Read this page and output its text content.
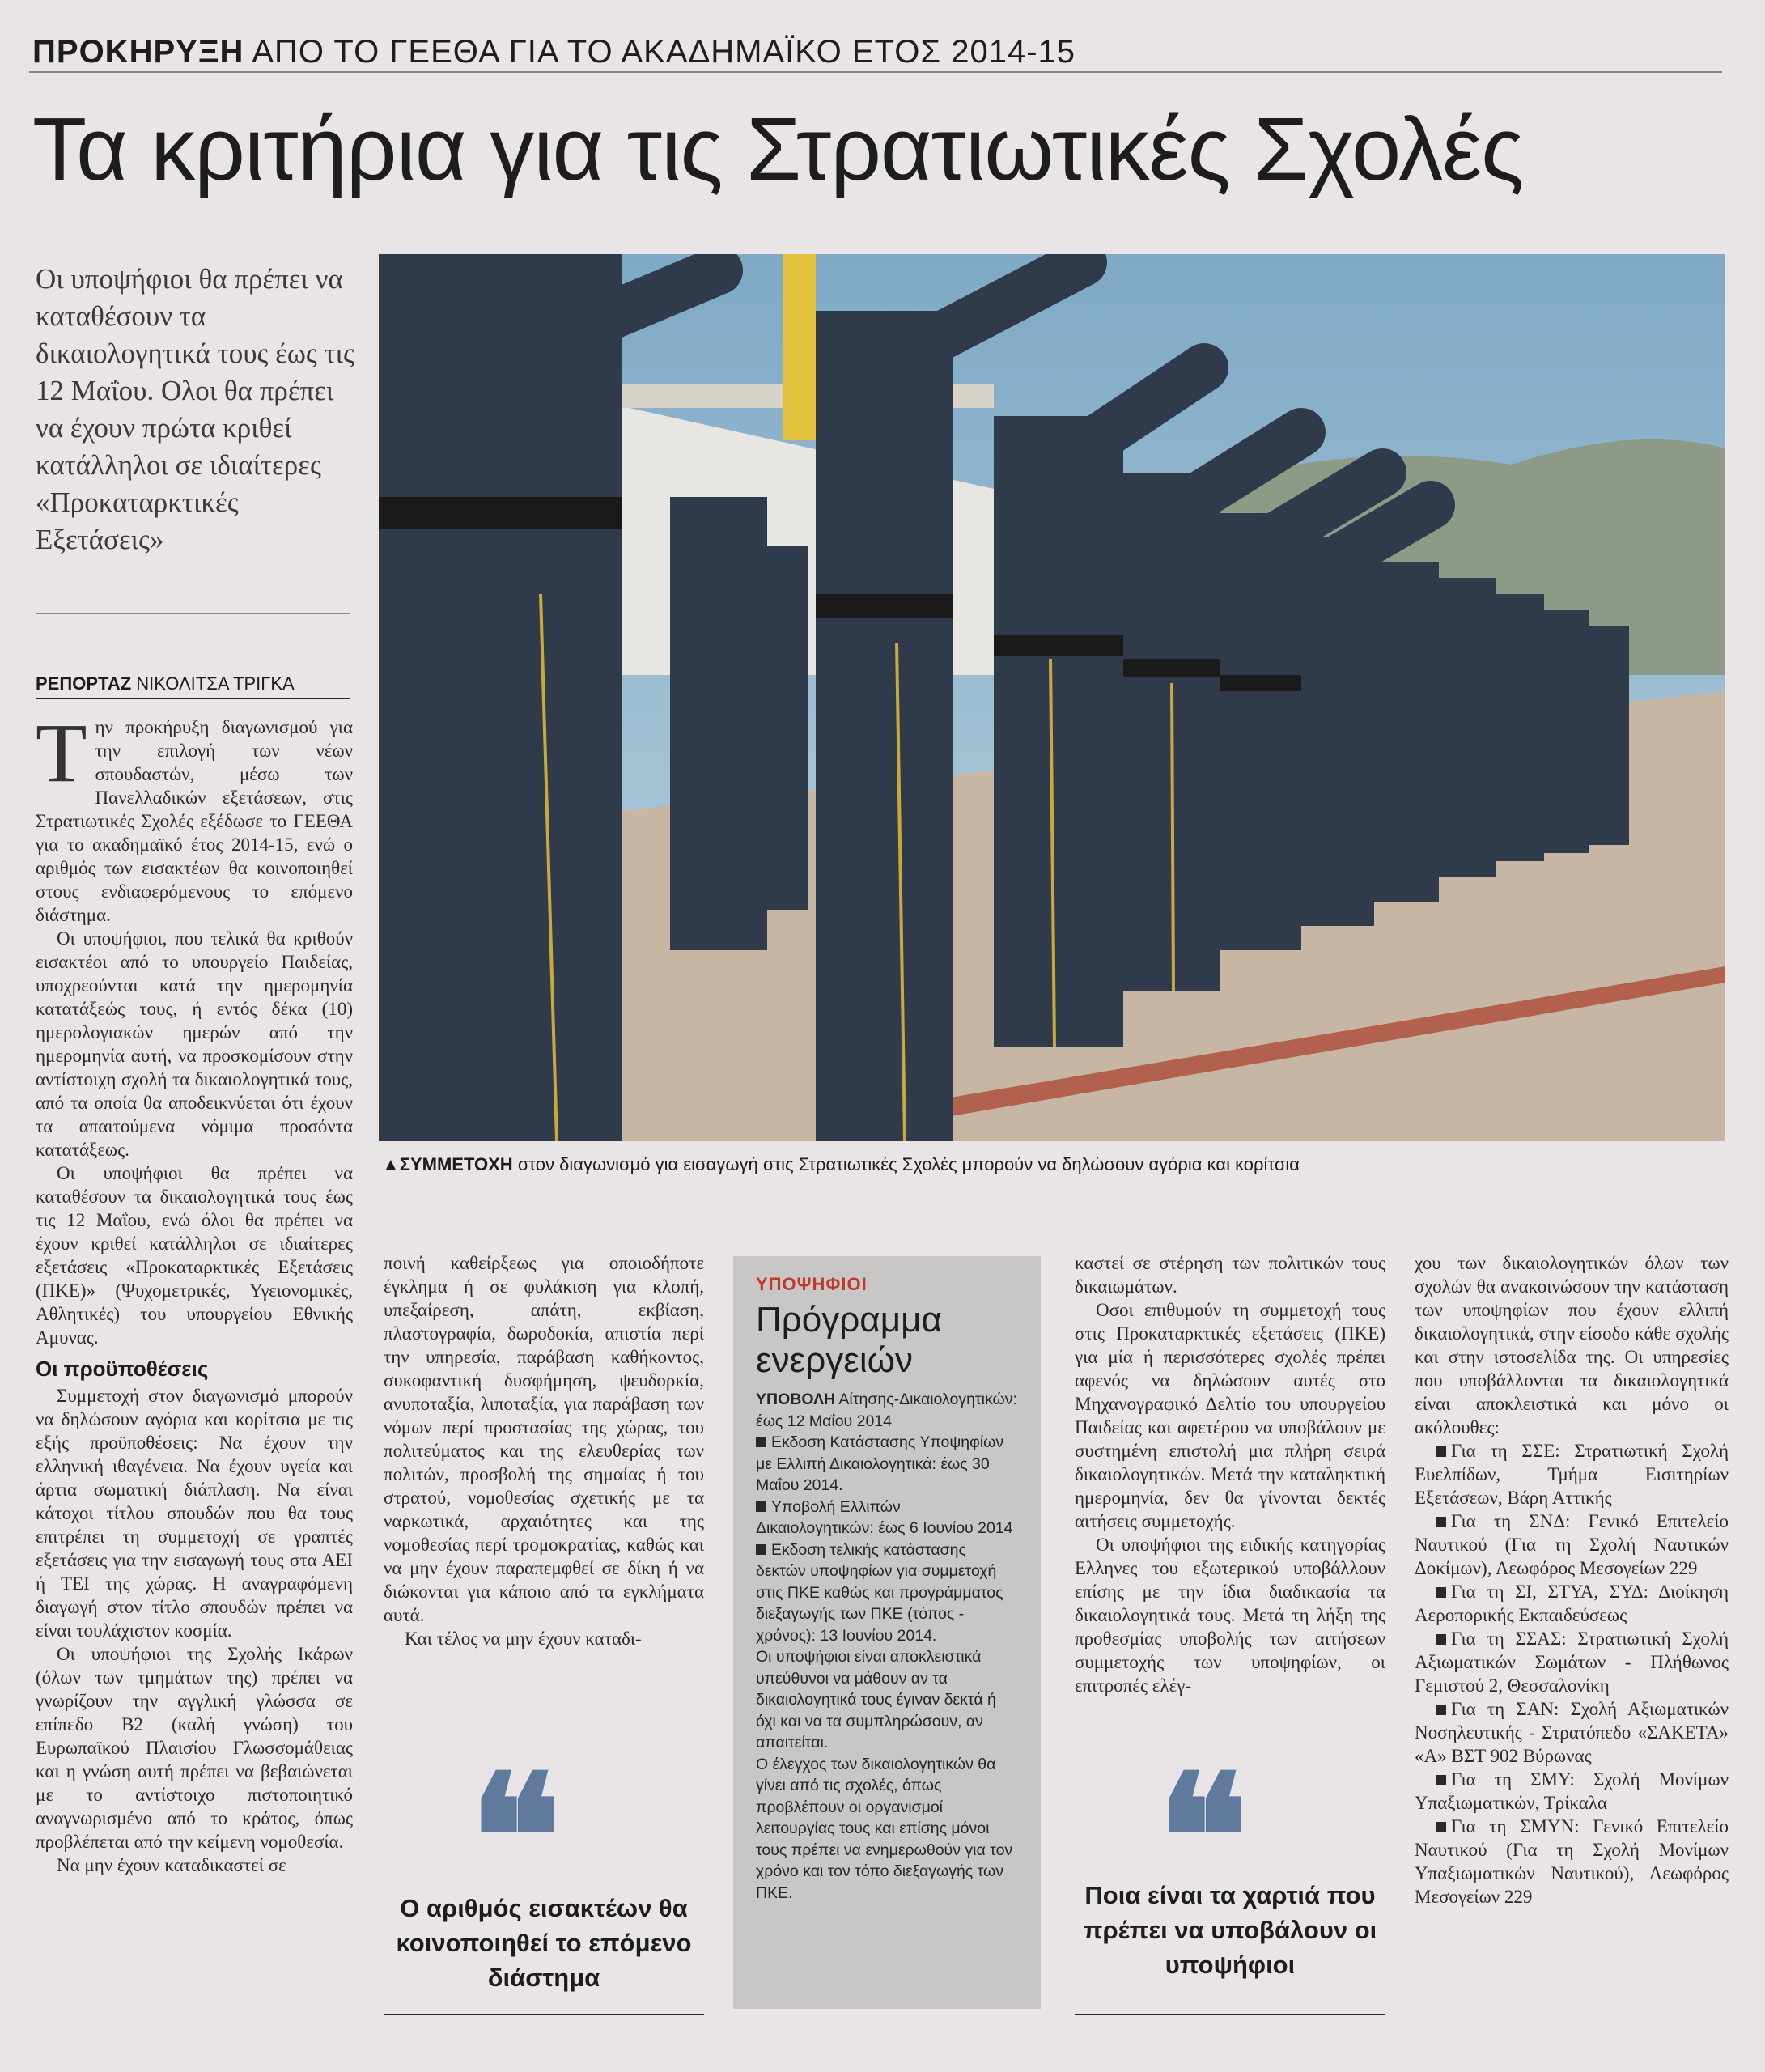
ΠΡΟΚΗΡΥΞΗ ΑΠΟ ΤΟ ΓΕΕΘΑ ΓΙΑ ΤΟ ΑΚΑΔΗΜΑΪΚΟ ΕΤΟΣ 2014-15
Τα κριτήρια για τις Στρατιωτικές Σχολές
Οι υποψήφιοι θα πρέπει να καταθέσουν τα δικαιολογητικά τους έως τις 12 Μαΐου. Ολοι θα πρέπει να έχουν πρώτα κριθεί κατάλληλοι σε ιδιαίτερες «Προκαταρκτικές Εξετάσεις»
ΡΕΠΟΡΤΑΖ ΝΙΚΟΛΙΤΣΑ ΤΡΙΓΚΑ
▲ΣΥΜΜΕΤΟΧΗ στον διαγωνισμό για εισαγωγή στις Στρατιωτικές Σχολές μπορούν να δηλώσουν αγόρια και κορίτσια

Την προκήρυξη διαγωνισμού για την επιλογή των νέων σπουδαστών, μέσω των Πανελλαδικών εξετάσεων, στις Στρατιωτικές Σχολές εξέδωσε το ΓΕΕΘΑ για το ακαδημαϊκό έτος 2014-15, ενώ ο αριθμός των εισακτέων θα κοινοποιηθεί στους ενδιαφερόμενους το επόμενο διάστημα.

Οι υποψήφιοι, που τελικά θα κριθούν εισακτέοι από το υπουργείο Παιδείας, υποχρεούνται κατά την ημερομηνία κατατάξεώς τους, ή εντός δέκα (10) ημερολογιακών ημερών από την ημερομηνία αυτή, να προσκομίσουν στην αντίστοιχη σχολή τα δικαιολογητικά τους, από τα οποία θα αποδεικνύεται ότι έχουν τα απαιτούμενα νόμιμα προσόντα κατατάξεως.

Οι υποψήφιοι θα πρέπει να καταθέσουν τα δικαιολογητικά τους έως τις 12 Μαΐου, ενώ όλοι θα πρέπει να έχουν κριθεί κατάλληλοι σε ιδιαίτερες εξετάσεις «Προκαταρκτικές Εξετάσεις (ΠΚΕ)» (Ψυχομετρικές, Υγειονομικές, Αθλητικές) του υπουργείου Εθνικής Αμυνας.

Οι προϋποθέσεις

Συμμετοχή στον διαγωνισμό μπορούν να δηλώσουν αγόρια και κορίτσια με τις εξής προϋποθέσεις: Να έχουν την ελληνική ιθαγένεια. Να έχουν υγεία και άρτια σωματική διάπλαση. Να είναι κάτοχοι τίτλου σπουδών που θα τους επιτρέπει τη συμμετοχή σε γραπτές εξετάσεις για την εισαγωγή τους στα ΑΕΙ ή ΤΕΙ της χώρας. Η αναγραφόμενη διαγωγή στον τίτλο σπουδών πρέπει να είναι τουλάχιστον κοσμία.

Οι υποψήφιοι της Σχολής Ικάρων (όλων των τμημάτων της) πρέπει να γνωρίζουν την αγγλική γλώσσα σε επίπεδο Β2 (καλή γνώση) του Ευρωπαϊκού Πλαισίου Γλωσσομάθειας και η γνώση αυτή πρέπει να βεβαιώνεται με το αντίστοιχο πιστοποιητικό αναγνωρισμένο από το κράτος, όπως προβλέπεται από την κείμενη νομοθεσία.

Να μην έχουν καταδικαστεί σε

ποινή καθείρξεως για οποιοδήποτε έγκλημα ή σε φυλάκιση για κλοπή, υπεξαίρεση, απάτη, εκβίαση, πλαστογραφία, δωροδοκία, απιστία περί την υπηρεσία, παράβαση καθήκοντος, συκοφαντική δυσφήμηση, ψευδορκία, ανυποταξία, λιποταξία, για παράβαση των νόμων περί προστασίας της χώρας, του πολιτεύματος και της ελευθερίας των πολιτών, προσβολή της σημαίας ή του στρατού, νομοθεσίας σχετικής με τα ναρκωτικά, αρχαιότητες και της νομοθεσίας περί τρομοκρατίας, καθώς και να μην έχουν παραπεμφθεί σε δίκη ή να διώκονται για κάποιο από τα εγκλήματα αυτά.

Και τέλος να μην έχουν καταδι-

❝
Ο αριθμός εισακτέων θα κοινοποιηθεί το επόμενο διάστημα
ΥΠΟΨΗΦΙΟΙ
Πρόγραμμα ενεργειών

ΥΠΟΒΟΛΗ Αίτησης-Δικαιολογητικών: έως 12 Μαΐου 2014

Εκδοση Κατάστασης Υποψηφίων με Ελλιπή Δικαιολογητικά: έως 30 Μαΐου 2014.

Υποβολή Ελλιπών Δικαιολογητικών: έως 6 Ιουνίου 2014

Εκδοση τελικής κατάστασης δεκτών υποψηφίων για συμμετοχή στις ΠΚΕ καθώς και προγράμματος διεξαγωγής των ΠΚΕ (τόπος - χρόνος): 13 Ιουνίου 2014.

Οι υποψήφιοι είναι αποκλειστικά υπεύθυνοι να μάθουν αν τα δικαιολογητικά τους έγιναν δεκτά ή όχι και να τα συμπληρώσουν, αν απαιτείται.

Ο έλεγχος των δικαιολογητικών θα γίνει από τις σχολές, όπως προβλέπουν οι οργανισμοί λειτουργίας τους και επίσης μόνοι τους πρέπει να ενημερωθούν για τον χρόνο και τον τόπο διεξαγωγής των ΠΚΕ.

καστεί σε στέρηση των πολιτικών τους δικαιωμάτων.

Οσοι επιθυμούν τη συμμετοχή τους στις Προκαταρκτικές εξετάσεις (ΠΚΕ) για μία ή περισσότερες σχολές πρέπει αφενός να δηλώσουν αυτές στο Μηχανογραφικό Δελτίο του υπουργείου Παιδείας και αφετέρου να υποβάλουν με συστημένη επιστολή μια πλήρη σειρά δικαιολογητικών. Μετά την καταληκτική ημερομηνία, δεν θα γίνονται δεκτές αιτήσεις συμμετοχής.

Οι υποψήφιοι της ειδικής κατηγορίας Ελληνες του εξωτερικού υποβάλλουν επίσης με την ίδια διαδικασία τα δικαιολογητικά τους. Μετά τη λήξη της προθεσμίας υποβολής των αιτήσεων συμμετοχής των υποψηφίων, οι επιτροπές ελέγ-

❝
Ποια είναι τα χαρτιά που πρέπει να υποβάλουν οι υποψήφιοι

χου των δικαιολογητικών όλων των σχολών θα ανακοινώσουν την κατάσταση των υποψηφίων που έχουν ελλιπή δικαιολογητικά, στην είσοδο κάθε σχολής και στην ιστοσελίδα της. Οι υπηρεσίες που υποβάλλονται τα δικαιολογητικά είναι αποκλειστικά και μόνο οι ακόλουθες:

Για τη ΣΣΕ: Στρατιωτική Σχολή Ευελπίδων, Τμήμα Εισιτηρίων Εξετάσεων, Βάρη Αττικής

Για τη ΣΝΔ: Γενικό Επιτελείο Ναυτικού (Για τη Σχολή Ναυτικών Δοκίμων), Λεωφόρος Μεσογείων 229

Για τη ΣΙ, ΣΤΥΑ, ΣΥΔ: Διοίκηση Αεροπορικής Εκπαιδεύσεως

Για τη ΣΣΑΣ: Στρατιωτική Σχολή Αξιωματικών Σωμάτων - Πλήθωνος Γεμιστού 2, Θεσσαλονίκη

Για τη ΣΑΝ: Σχολή Αξιωματικών Νοσηλευτικής - Στρατόπεδο «ΣΑΚΕΤΑ» «Α» ΒΣΤ 902 Βύρωνας

Για τη ΣΜΥ: Σχολή Μονίμων Υπαξιωματικών, Τρίκαλα

Για τη ΣΜΥΝ: Γενικό Επιτελείο Ναυτικού (Για τη Σχολή Μονίμων Υπαξιωματικών Ναυτικού), Λεωφόρος Μεσογείων 229
